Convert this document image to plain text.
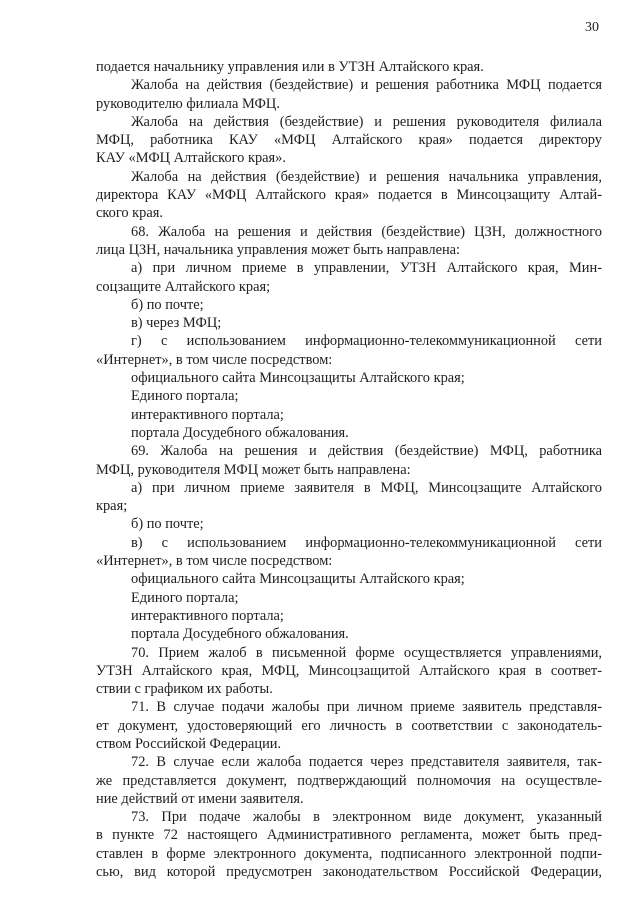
30
подается начальнику управления или в УТЗН Алтайского края.
Жалоба на действия (бездействие) и решения работника МФЦ подается
руководителю филиала МФЦ.
Жалоба на действия (бездействие) и решения руководителя филиала
МФЦ, работника КАУ «МФЦ Алтайского края» подается директору
КАУ «МФЦ Алтайского края».
Жалоба на действия (бездействие) и решения начальника управления,
директора КАУ «МФЦ Алтайского края» подается в Минсоцзащиту Алтай-
ского края.
68. Жалоба на решения и действия (бездействие) ЦЗН, должностного
лица ЦЗН, начальника управления может быть направлена:
а) при личном приеме в управлении, УТЗН Алтайского края, Мин-
соцзащите Алтайского края;
б) по почте;
в) через МФЦ;
г) с использованием информационно-телекоммуникационной сети
«Интернет», в том числе посредством:
официального сайта Минсоцзащиты Алтайского края;
Единого портала;
интерактивного портала;
портала Досудебного обжалования.
69. Жалоба на решения и действия (бездействие) МФЦ, работника
МФЦ, руководителя МФЦ может быть направлена:
а) при личном приеме заявителя в МФЦ, Минсоцзащите Алтайского
края;
б) по почте;
в) с использованием информационно-телекоммуникационной сети
«Интернет», в том числе посредством:
официального сайта Минсоцзащиты Алтайского края;
Единого портала;
интерактивного портала;
портала Досудебного обжалования.
70. Прием жалоб в письменной форме осуществляется управлениями,
УТЗН Алтайского края, МФЦ, Минсоцзащитой Алтайского края в соответ-
ствии с графиком их работы.
71. В случае подачи жалобы при личном приеме заявитель представля-
ет документ, удостоверяющий его личность в соответствии с законодатель-
ством Российской Федерации.
72. В случае если жалоба подается через представителя заявителя, так-
же представляется документ, подтверждающий полномочия на осуществле-
ние действий от имени заявителя.
73. При подаче жалобы в электронном виде документ, указанный
в пункте 72 настоящего Административного регламента, может быть пред-
ставлен в форме электронного документа, подписанного электронной подпи-
сью, вид которой предусмотрен законодательством Российской Федерации,
